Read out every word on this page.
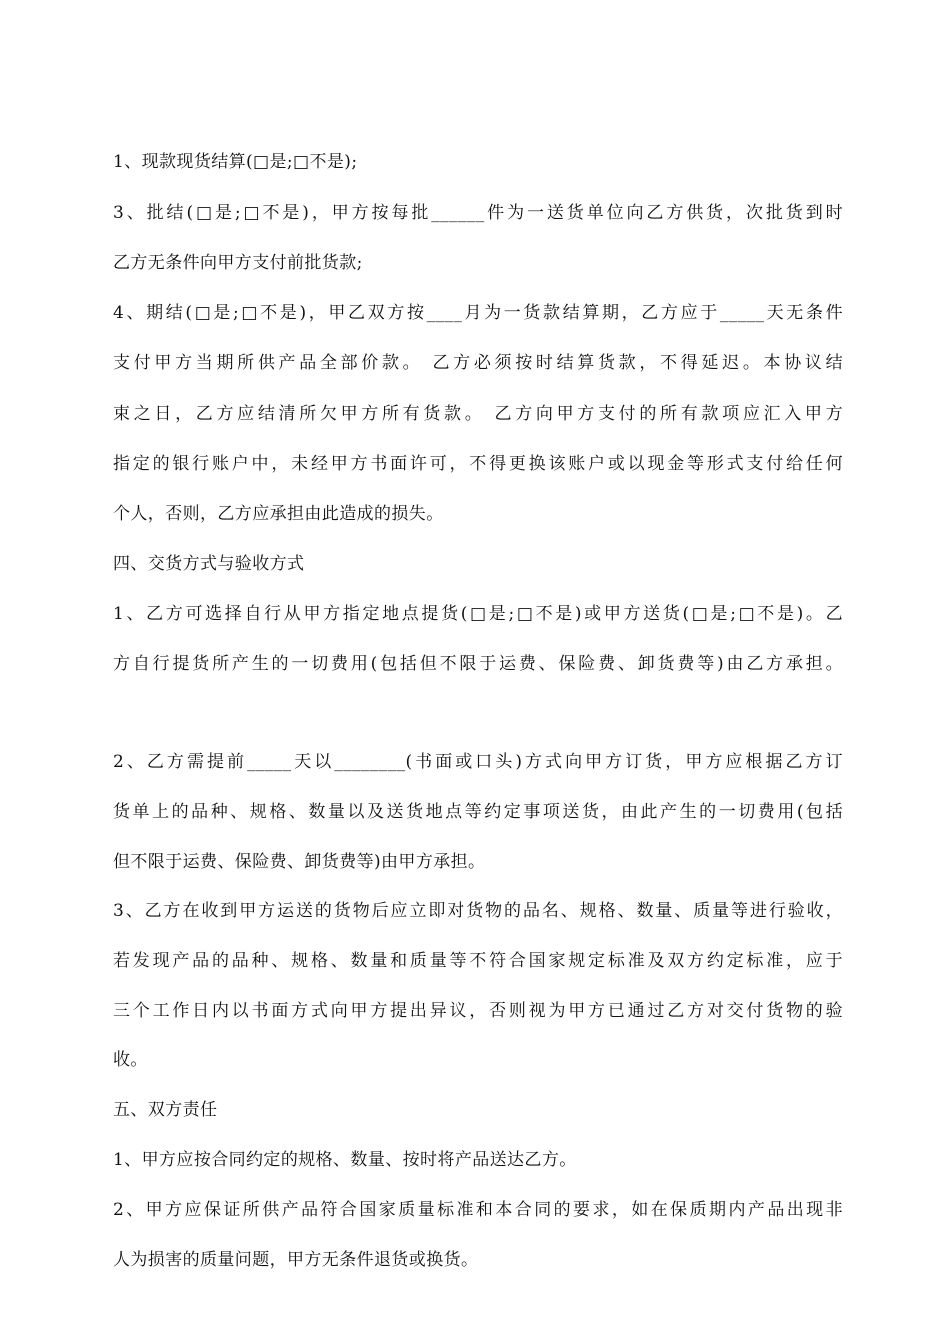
1、现款现货结算(□是;□不是);
3、批结(□是;□不是)，甲方按每批______件为一送货单位向乙方供货，次批货到时
乙方无条件向甲方支付前批货款;
4、期结(□是;□不是)，甲乙双方按____月为一货款结算期，乙方应于_____天无条件
支付甲方当期所供产品全部价款。 乙方必须按时结算货款，不得延迟。本协议结
束之日，乙方应结清所欠甲方所有货款。 乙方向甲方支付的所有款项应汇入甲方
指定的银行账户中，未经甲方书面许可，不得更换该账户或以现金等形式支付给任何
个人，否则，乙方应承担由此造成的损失。
四、交货方式与验收方式
1、乙方可选择自行从甲方指定地点提货(□是;□不是)或甲方送货(□是;□不是)。乙
方自行提货所产生的一切费用(包括但不限于运费、保险费、卸货费等)由乙方承担。
2、乙方需提前_____天以________(书面或口头)方式向甲方订货，甲方应根据乙方订
货单上的品种、规格、数量以及送货地点等约定事项送货，由此产生的一切费用(包括
但不限于运费、保险费、卸货费等)由甲方承担。
3、乙方在收到甲方运送的货物后应立即对货物的品名、规格、数量、质量等进行验收，
若发现产品的品种、规格、数量和质量等不符合国家规定标准及双方约定标准，应于
三个工作日内以书面方式向甲方提出异议，否则视为甲方已通过乙方对交付货物的验
收。
五、双方责任
1、甲方应按合同约定的规格、数量、按时将产品送达乙方。
2、甲方应保证所供产品符合国家质量标准和本合同的要求，如在保质期内产品出现非
人为损害的质量问题，甲方无条件退货或换货。
